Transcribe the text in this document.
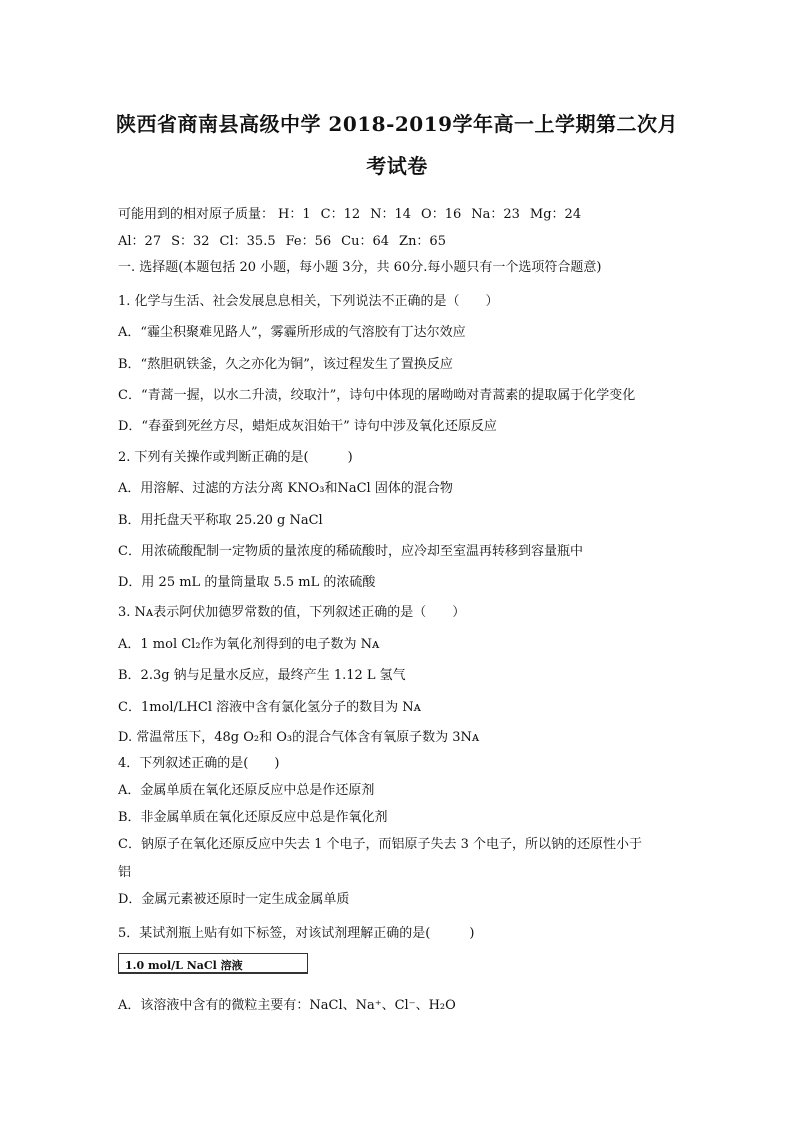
陕西省商南县高级中学 2018-2019学年高一上学期第二次月
考试卷
可能用到的相对原子质量： H：1 C：12 N：14 O：16 Na：23 Mg：24
Al：27 S：32 Cl：35.5 Fe：56 Cu：64 Zn：65
一. 选择题(本题包括 20 小题，每小题 3分，共 60分.每小题只有一个选项符合题意)
1. 化学与生活、社会发展息息相关，下列说法不正确的是（　　）
A．“霾尘积聚难见路人”，雾霾所形成的气溶胶有丁达尔效应
B．“熬胆矾铁釜，久之亦化为铜”，该过程发生了置换反应
C．“青蒿一握，以水二升渍，绞取汁”，诗句中体现的屠呦呦对青蒿素的提取属于化学变化
D．“春蚕到死丝方尽，蜡炬成灰泪始干” 诗句中涉及氧化还原反应
2. 下列有关操作或判断正确的是(　　　)
A．用溶解、过滤的方法分离 KNO₃和NaCl 固体的混合物
B．用托盘天平称取 25.20 g NaCl
C．用浓硫酸配制一定物质的量浓度的稀硫酸时，应冷却至室温再转移到容量瓶中
D．用 25 mL 的量筒量取 5.5 mL 的浓硫酸
3. Nᴀ表示阿伏加德罗常数的值，下列叙述正确的是（　　）
A．1 mol Cl₂作为氧化剂得到的电子数为 Nᴀ
B．2.3g 钠与足量水反应，最终产生 1.12 L 氢气
C．1mol/LHCl 溶液中含有氯化氢分子的数目为 Nᴀ
D. 常温常压下，48g O₂和 O₃的混合气体含有氧原子数为 3Nᴀ
4．下列叙述正确的是(　　)
A．金属单质在氧化还原反应中总是作还原剂
B．非金属单质在氧化还原反应中总是作氧化剂
C．钠原子在氧化还原反应中失去 1 个电子，而铝原子失去 3 个电子，所以钠的还原性小于
铝
D．金属元素被还原时一定生成金属单质
5．某试剂瓶上贴有如下标签，对该试剂理解正确的是(　　　)
1.0 mol/L NaCl 溶液
A．该溶液中含有的微粒主要有：NaCl、Na⁺、Cl⁻、H₂O
